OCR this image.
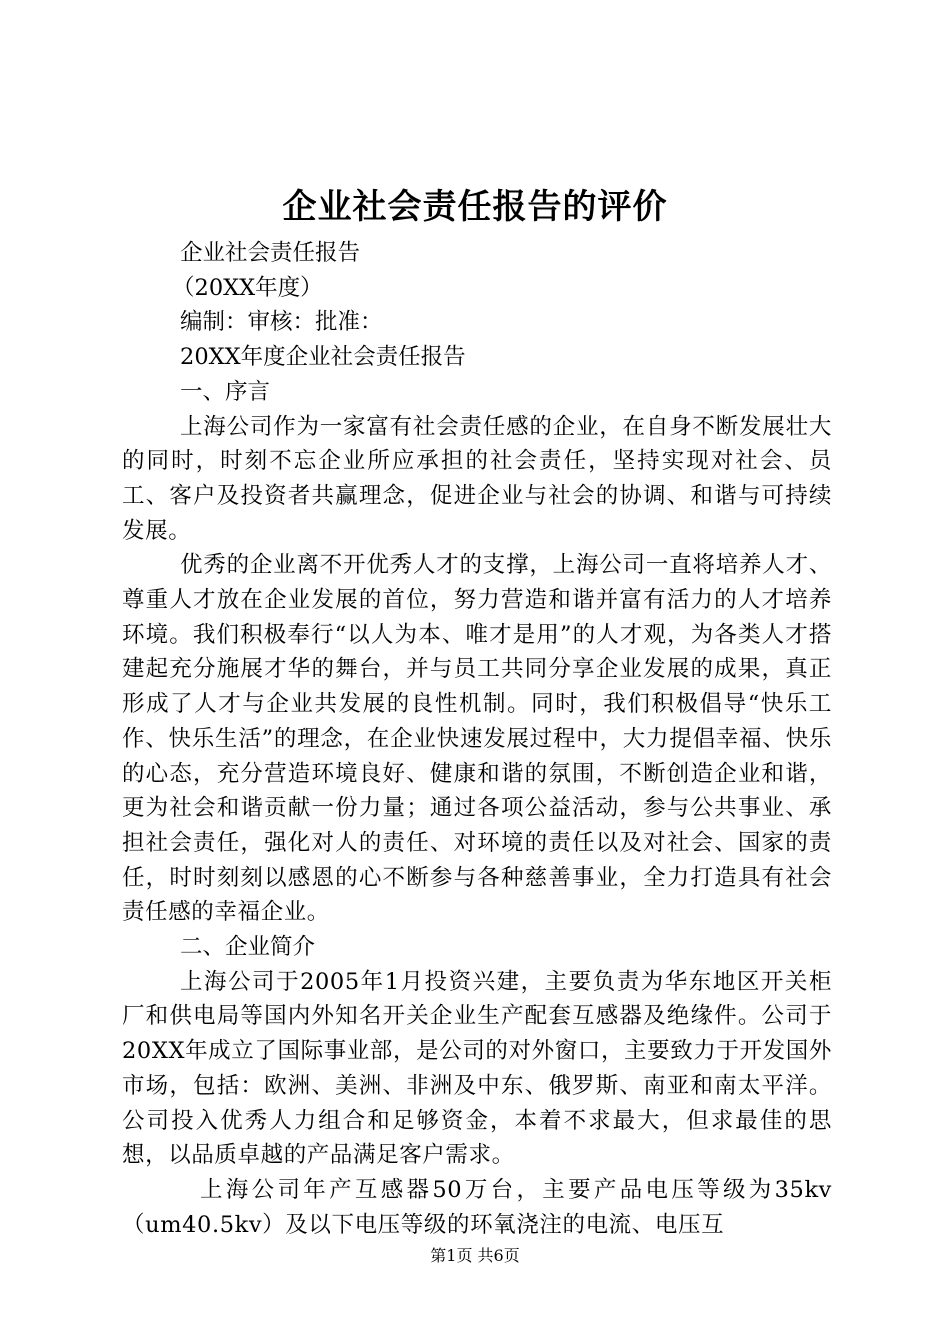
企业社会责任报告的评价
企业社会责任报告
（20XX年度）
编制：审核：批准：
20XX年度企业社会责任报告
一、序言
上海公司作为一家富有社会责任感的企业，在自身不断发展壮大的同时，时刻不忘企业所应承担的社会责任，坚持实现对社会、员工、客户及投资者共赢理念，促进企业与社会的协调、和谐与可持续发展。
优秀的企业离不开优秀人才的支撑，上海公司一直将培养人才、尊重人才放在企业发展的首位，努力营造和谐并富有活力的人才培养环境。我们积极奉行“以人为本、唯才是用”的人才观，为各类人才搭建起充分施展才华的舞台，并与员工共同分享企业发展的成果，真正形成了人才与企业共发展的良性机制。同时，我们积极倡导“快乐工作、快乐生活”的理念，在企业快速发展过程中，大力提倡幸福、快乐的心态，充分营造环境良好、健康和谐的氛围，不断创造企业和谐，更为社会和谐贡献一份力量；通过各项公益活动，参与公共事业、承担社会责任，强化对人的责任、对环境的责任以及对社会、国家的责任，时时刻刻以感恩的心不断参与各种慈善事业，全力打造具有社会责任感的幸福企业。
二、企业简介
上海公司于2005年1月投资兴建，主要负责为华东地区开关柜厂和供电局等国内外知名开关企业生产配套互感器及绝缘件。公司于20XX年成立了国际事业部，是公司的对外窗口，主要致力于开发国外市场，包括：欧洲、美洲、非洲及中东、俄罗斯、南亚和南太平洋。公司投入优秀人力组合和足够资金，本着不求最大，但求最佳的思想，以品质卓越的产品满足客户需求。
上海公司年产互感器50万台，主要产品电压等级为35kv（um40.5kv）及以下电压等级的环氧浇注的电流、电压互
第1页 共6页
